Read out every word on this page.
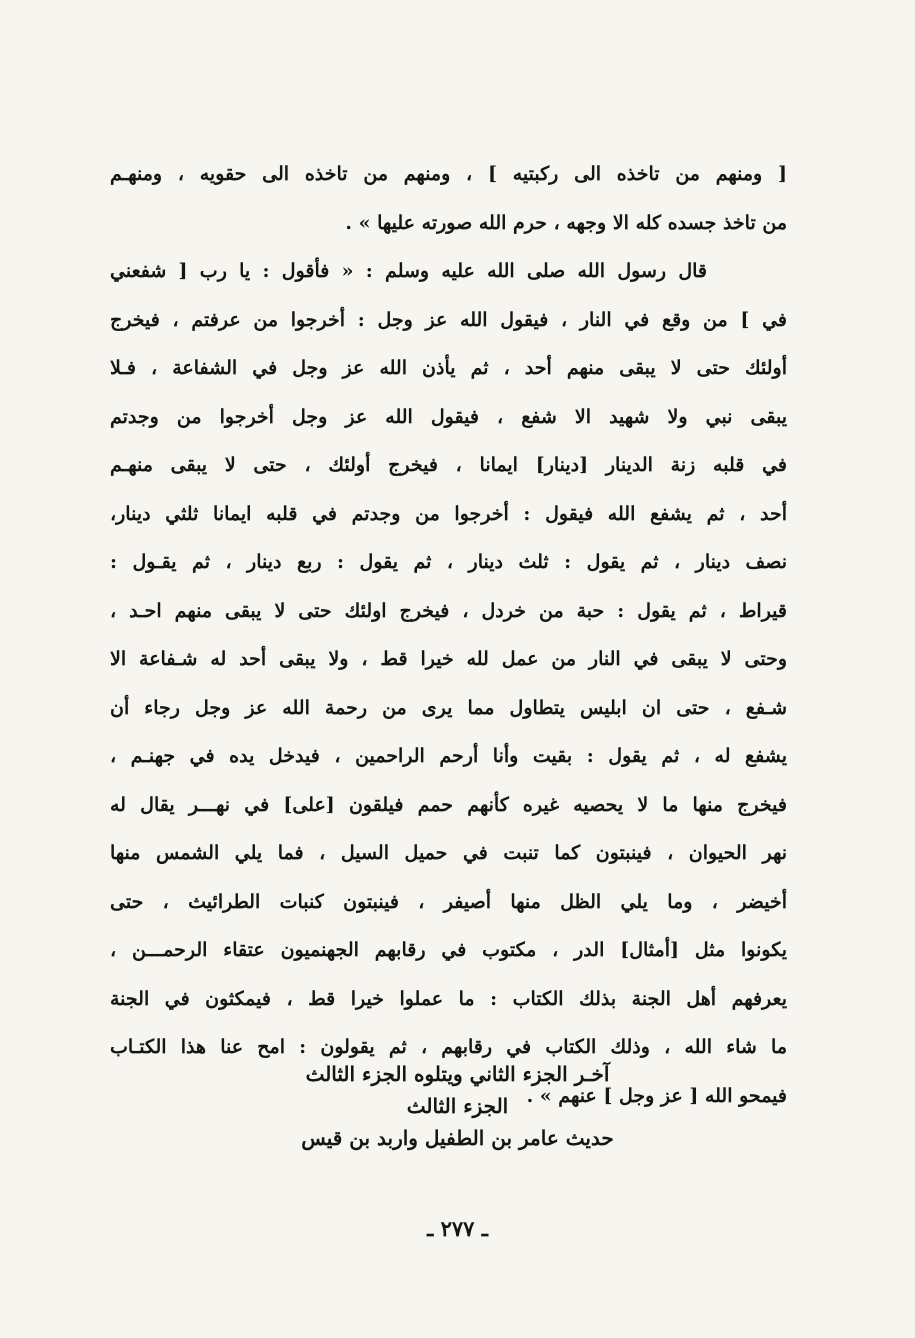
[ ومنهم من تاخذه الى ركبتيه ] ، ومنهم من تاخذه الى حقويه ، ومنهـم
من تاخذ جسده كله الا وجهه ، حرم الله صورته عليها » .
قال رسول الله صلى الله عليه وسلم : « فأقول : يا رب [ شفعني
في ] من وقع في النار ، فيقول الله عز وجل : أخرجوا من عرفتم ، فيخرج
أولئك حتى لا يبقى منهم أحد ، ثم يأذن الله عز وجل في الشفاعة ، فـلا
يبقى نبي ولا شهيد الا شفع ، فيقول الله عز وجل أخرجوا من وجدتم
في قلبه زنة الدينار [دينار] ايمانا ، فيخرج أولئك ، حتى لا يبقى منهـم
أحد ، ثم يشفع الله فيقول : أخرجوا من وجدتم في قلبه ايمانا ثلثي دينار،
نصف دينار ، ثم يقول : ثلث دينار ، ثم يقول : ربع دينار ، ثم يقـول :
قيراط ، ثم يقول : حبة من خردل ، فيخرج اولئك حتى لا يبقى منهم احـد ،
وحتى لا يبقى في النار من عمل لله خيرا قط ، ولا يبقى أحد له شـفاعة الا
شـفع ، حتى ان ابليس يتطاول مما يرى من رحمة الله عز وجل رجاء أن
يشفع له ، ثم يقول : بقيت وأنا أرحم الراحمين ، فيدخل يده في جهنـم ،
فيخرج منها ما لا يحصيه غيره كأنهم حمم فيلقون [على] في نهـــر يقال له
نهر الحيوان ، فينبتون كما تنبت في حميل السيل ، فما يلي الشمس منها
أخيضر ، وما يلي الظل منها أصيفر ، فينبتون كنبات الطرائيث ، حتى
يكونوا مثل [أمثال] الدر ، مكتوب في رقابهم الجهنميون عتقاء الرحمـــن ،
يعرفهم أهل الجنة بذلك الكتاب : ما عملوا خيرا قط ، فيمكثون في الجنة
ما شاء الله ، وذلك الكتاب في رقابهم ، ثم يقولون : امح عنا هذا الكتـاب
فيمحو الله [ عز وجل ] عنهم » .
آخـر الجزء الثاني ويتلوه الجزء الثالث
الجزء الثالث
حديث عامر بن الطفيل واربد بن قيس
ـ ٢٧٧ ـ
